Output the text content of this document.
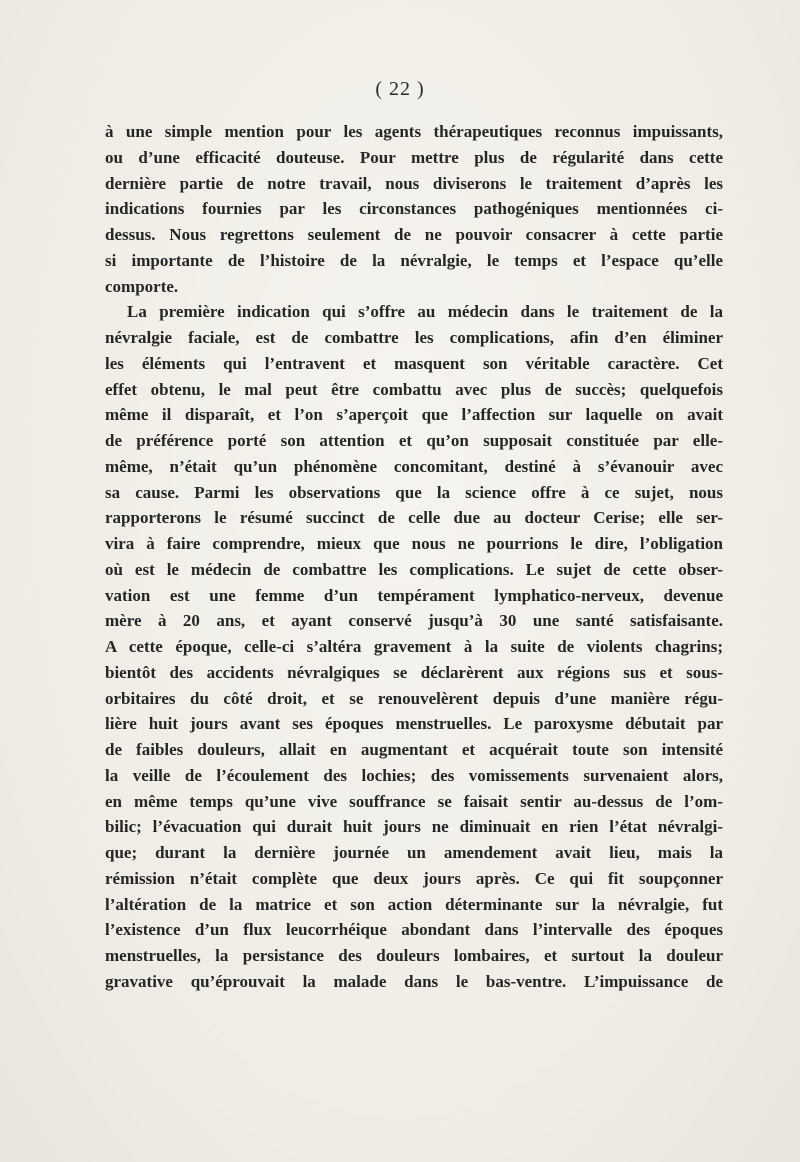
( 22 )
à une simple mention pour les agents thérapeutiques reconnus impuissants,
ou d’une efficacité douteuse. Pour mettre plus de régularité dans cette
dernière partie de notre travail, nous diviserons le traitement d’après les
indications fournies par les circonstances pathogéniques mentionnées ci-
dessus. Nous regrettons seulement de ne pouvoir consacrer à cette partie
si importante de l’histoire de la névralgie, le temps et l’espace qu’elle
comporte.
La première indication qui s’offre au médecin dans le traitement de la
névralgie faciale, est de combattre les complications, afin d’en éliminer
les éléments qui l’entravent et masquent son véritable caractère. Cet
effet obtenu, le mal peut être combattu avec plus de succès; quelquefois
même il disparaît, et l’on s’aperçoit que l’affection sur laquelle on avait
de préférence porté son attention et qu’on supposait constituée par elle-
même, n’était qu’un phénomène concomitant, destiné à s’évanouir avec
sa cause. Parmi les observations que la science offre à ce sujet, nous
rapporterons le résumé succinct de celle due au docteur Cerise; elle ser-
vira à faire comprendre, mieux que nous ne pourrions le dire, l’obligation
où est le médecin de combattre les complications. Le sujet de cette obser-
vation est une femme d’un tempérament lymphatico-nerveux, devenue
mère à 20 ans, et ayant conservé jusqu’à 30 une santé satisfaisante.
A cette époque, celle-ci s’altéra gravement à la suite de violents chagrins;
bientôt des accidents névralgiques se déclarèrent aux régions sus et sous-
orbitaires du côté droit, et se renouvelèrent depuis d’une manière régu-
lière huit jours avant ses époques menstruelles. Le paroxysme débutait par
de faibles douleurs, allait en augmentant et acquérait toute son intensité
la veille de l’écoulement des lochies; des vomissements survenaient alors,
en même temps qu’une vive souffrance se faisait sentir au-dessus de l’om-
bilic; l’évacuation qui durait huit jours ne diminuait en rien l’état névralgi-
que; durant la dernière journée un amendement avait lieu, mais la
rémission n’était complète que deux jours après. Ce qui fit soupçonner
l’altération de la matrice et son action déterminante sur la névralgie, fut
l’existence d’un flux leucorrhéique abondant dans l’intervalle des époques
menstruelles, la persistance des douleurs lombaires, et surtout la douleur
gravative qu’éprouvait la malade dans le bas-ventre. L’impuissance de
